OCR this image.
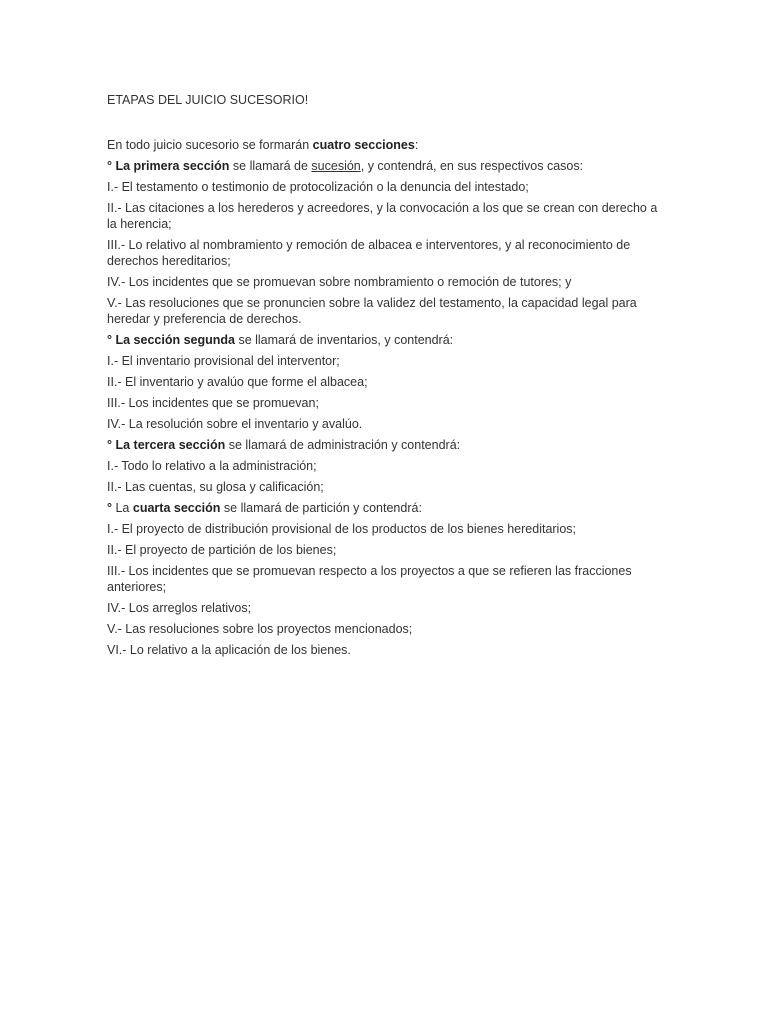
ETAPAS DEL JUICIO SUCESORIO!

En todo juicio sucesorio se formarán cuatro secciones:

° La primera sección se llamará de sucesión, y contendrá, en sus respectivos casos:

I.- El testamento o testimonio de protocolización o la denuncia del intestado;

II.- Las citaciones a los herederos y acreedores, y la convocación a los que se crean con derecho a la herencia;

III.- Lo relativo al nombramiento y remoción de albacea e interventores, y al reconocimiento de derechos hereditarios;

IV.- Los incidentes que se promuevan sobre nombramiento o remoción de tutores; y

V.- Las resoluciones que se pronuncien sobre la validez del testamento, la capacidad legal para heredar y preferencia de derechos.

° La sección segunda se llamará de inventarios, y contendrá:

I.- El inventario provisional del interventor;

II.- El inventario y avalúo que forme el albacea;

III.- Los incidentes que se promuevan;

IV.- La resolución sobre el inventario y avalúo.

° La tercera sección se llamará de administración y contendrá:

I.- Todo lo relativo a la administración;

II.- Las cuentas, su glosa y calificación;

° La cuarta sección se llamará de partición y contendrá:

I.- El proyecto de distribución provisional de los productos de los bienes hereditarios;

II.- El proyecto de partición de los bienes;

III.- Los incidentes que se promuevan respecto a los proyectos a que se refieren las fracciones anteriores;

IV.- Los arreglos relativos;

V.- Las resoluciones sobre los proyectos mencionados;

VI.- Lo relativo a la aplicación de los bienes.
